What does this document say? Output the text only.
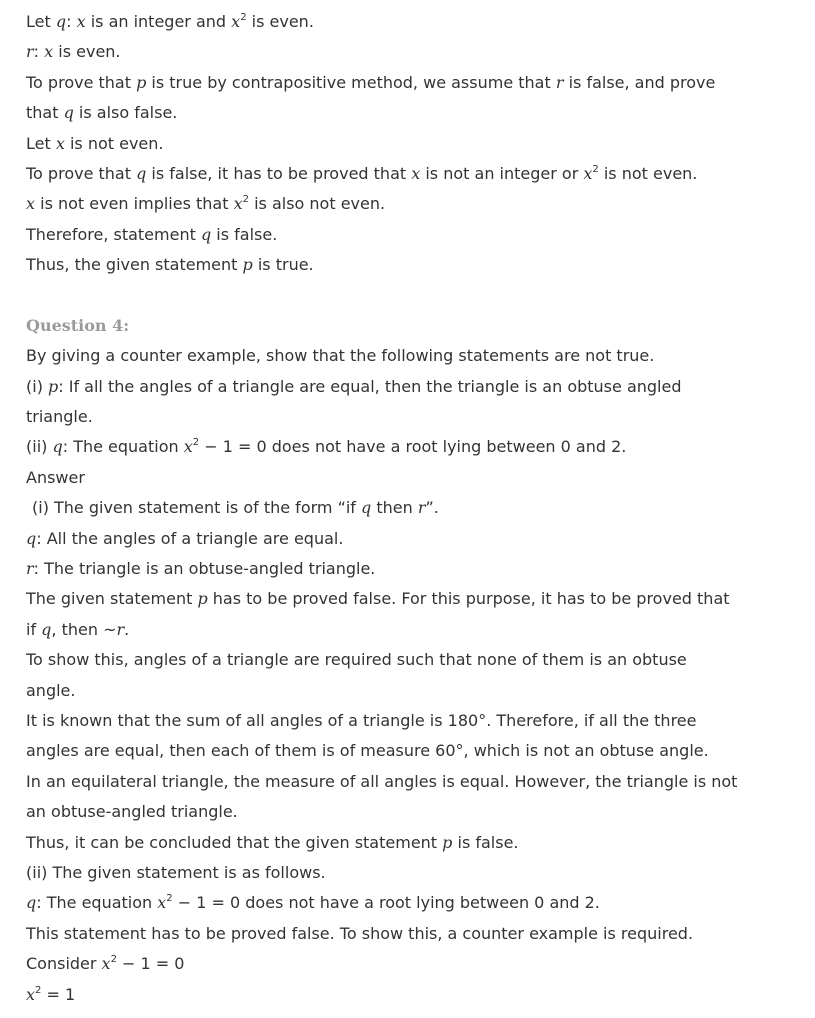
Let q: x is an integer and $x^2$ is even.
r: x is even.
To prove that p is true by contrapositive method, we assume that r is false, and prove
that q is also false.
Let x is not even.
To prove that q is false, it has to be proved that x is not an integer or $x^2$ is not even.
x is not even implies that $x^2$ is also not even.
Therefore, statement q is false.
Thus, the given statement p is true.
Question 4:
By giving a counter example, show that the following statements are not true.
(i) p: If all the angles of a triangle are equal, then the triangle is an obtuse angled
triangle.
(ii) q: The equation $x^2 - 1 = 0$ does not have a root lying between 0 and 2.
Answer
(i) The given statement is of the form “if q then r”.
q: All the angles of a triangle are equal.
r: The triangle is an obtuse-angled triangle.
The given statement p has to be proved false. For this purpose, it has to be proved that
if q, then ~r.
To show this, angles of a triangle are required such that none of them is an obtuse
angle.
It is known that the sum of all angles of a triangle is 180°. Therefore, if all the three
angles are equal, then each of them is of measure 60°, which is not an obtuse angle.
In an equilateral triangle, the measure of all angles is equal. However, the triangle is not
an obtuse-angled triangle.
Thus, it can be concluded that the given statement p is false.
(ii) The given statement is as follows.
q: The equation $x^2 - 1 = 0$ does not have a root lying between 0 and 2.
This statement has to be proved false. To show this, a counter example is required.
Consider $x^2 - 1 = 0$
$x^2 = 1$
